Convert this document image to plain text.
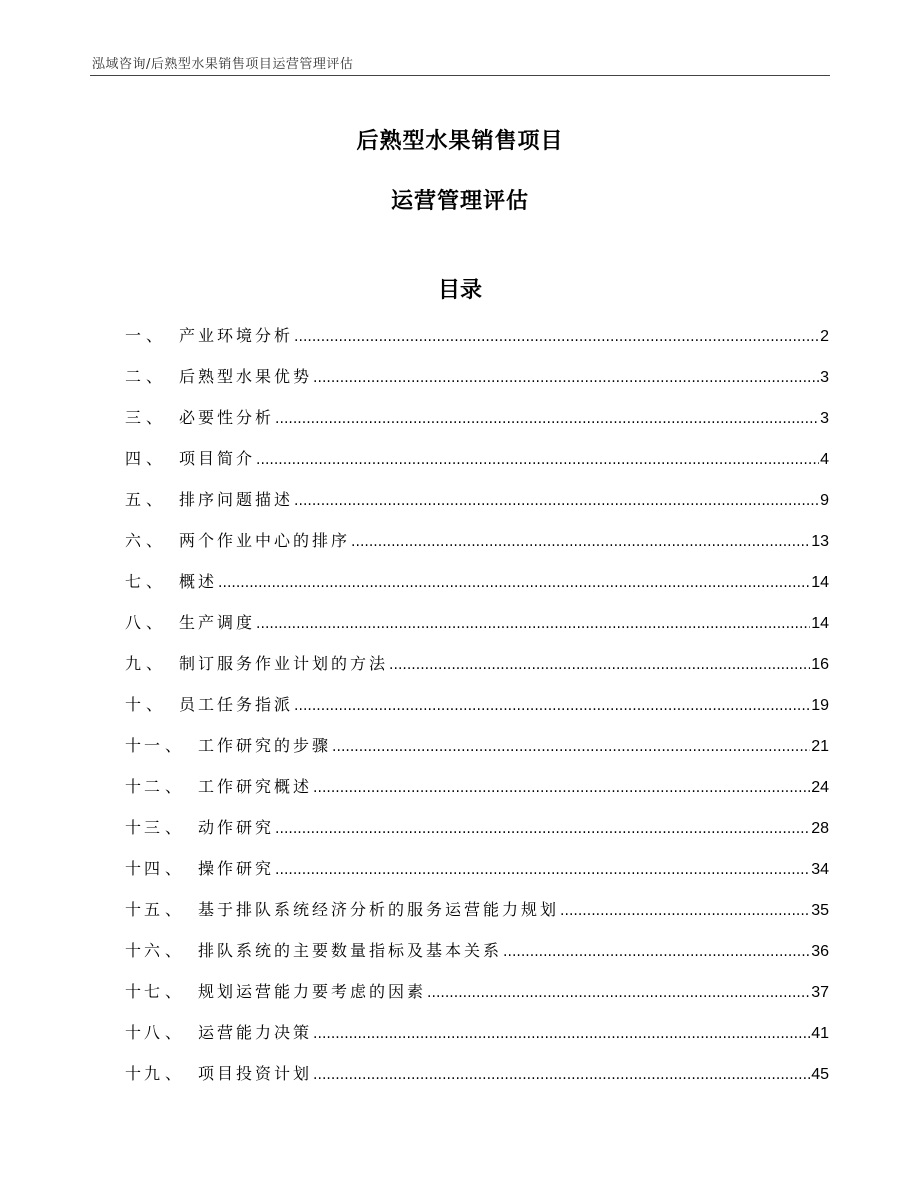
泓域咨询/后熟型水果销售项目运营管理评估
后熟型水果销售项目
运营管理评估
目录
一 、 产业环境分析 .....	2
二 、 后熟型水果优势 .....	3
三 、 必要性分析 .....	3
四 、 项目简介 .....	4
五 、 排序问题描述 .....	9
六 、 两个作业中心的排序 .....	13
七 、 概述 .....	14
八 、 生产调度 .....	14
九 、 制订服务作业计划的方法 .....	16
十 、 员工任务指派 .....	19
十一 、 工作研究的步骤 .....	21
十二 、 工作研究概述 .....	24
十三 、 动作研究 .....	28
十四 、 操作研究 .....	34
十五 、 基于排队系统经济分析的服务运营能力规划 .....	35
十六 、 排队系统的主要数量指标及基本关系 .....	36
十七 、 规划运营能力要考虑的因素 .....	37
十八 、 运营能力决策 .....	41
十九 、 项目投资计划 .....	45
